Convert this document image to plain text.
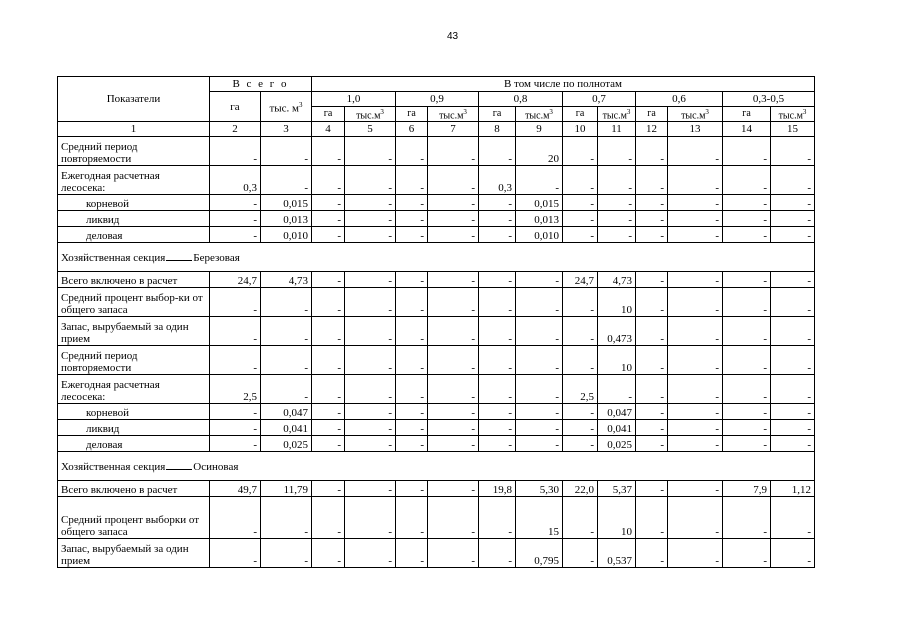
43
Показатели	В с е г о		В том числе по полнотам											
	га	тыс. $м^3$	1,0		0,9		0,8		0,7		0,6		0,3-0,5	
			га	$тыс.м^3$	га	$тыс.м^3$	га	$тыс.м^3$	га	$тыс.м^3$	га	$тыс.м^3$	га	$тыс.м^3$
1	2	3	4	5	6	7	8	9	10	11	12	13	14	15
Средний период повторяемости	-	-	-	-	-	-	-	20	-	-	-	-	-	-
Ежегодная расчетная лесосека:	0,3	-	-	-	-	-	0,3	-	-	-	-	-	-	-
корневой	-	0,015	-	-	-	-	-	0,015	-	-	-	-	-	-
ликвид	-	0,013	-	-	-	-	-	0,013	-	-	-	-	-	-
деловая	-	0,010	-	-	-	-	-	0,010	-	-	-	-	-	-
Хозяйственная секция Березовая														
Всего включено в расчет	24,7	4,73	-	-	-	-	-	-	24,7	4,73	-	-	-	-
Средний процент выбор-ки от общего запаса	-	-	-	-	-	-	-	-	-	10	-	-	-	-
Запас, вырубаемый за один прием	-	-	-	-	-	-	-	-	-	0,473	-	-	-	-
Средний период повторяемости	-	-	-	-	-	-	-	-	-	10	-	-	-	-
Ежегодная расчетная лесосека:	2,5	-	-	-	-	-	-	-	2,5	-	-	-	-	-
корневой	-	0,047	-	-	-	-	-	-	-	0,047	-	-	-	-
ликвид	-	0,041	-	-	-	-	-	-	-	0,041	-	-	-	-
деловая	-	0,025	-	-	-	-	-	-	-	0,025	-	-	-	-
Хозяйственная секция Осиновая														
Всего включено в расчет	49,7	11,79	-	-	-	-	19,8	5,30	22,0	5,37	-	-	7,9	1,12
Средний процент выборки от общего запаса	-	-	-	-	-	-	-	15	-	10	-	-	-	-
Запас, вырубаемый за один прием	-	-	-	-	-	-	-	0,795	-	0,537	-	-	-	-
